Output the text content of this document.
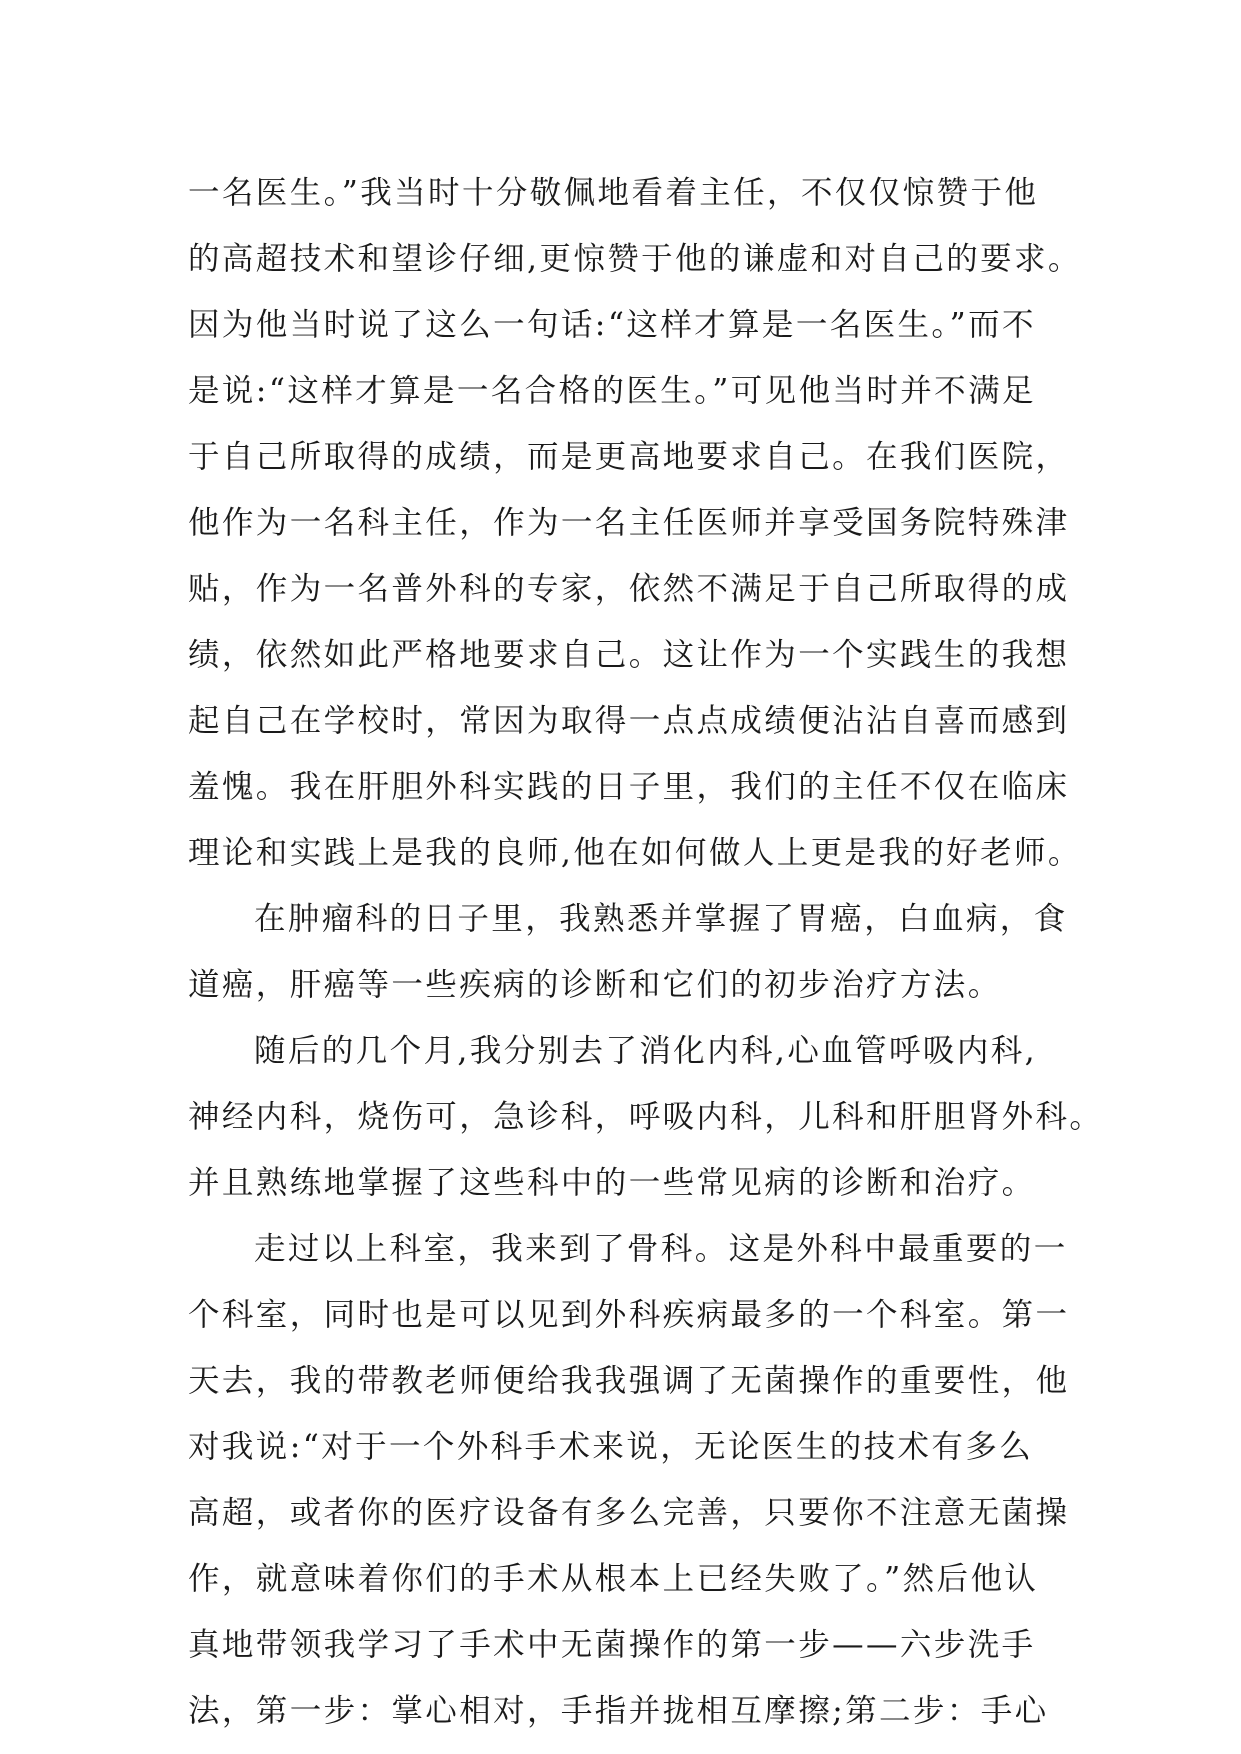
一名医生。”我当时十分敬佩地看着主任，不仅仅惊赞于他
的高超技术和望诊仔细,更惊赞于他的谦虚和对自己的要求。
因为他当时说了这么一句话:“这样才算是一名医生。”而不
是说:“这样才算是一名合格的医生。”可见他当时并不满足
于自己所取得的成绩，而是更高地要求自己。在我们医院，
他作为一名科主任，作为一名主任医师并享受国务院特殊津
贴，作为一名普外科的专家，依然不满足于自己所取得的成
绩，依然如此严格地要求自己。这让作为一个实践生的我想
起自己在学校时，常因为取得一点点成绩便沾沾自喜而感到
羞愧。我在肝胆外科实践的日子里，我们的主任不仅在临床
理论和实践上是我的良师,他在如何做人上更是我的好老师。
在肿瘤科的日子里，我熟悉并掌握了胃癌，白血病，食
道癌，肝癌等一些疾病的诊断和它们的初步治疗方法。
随后的几个月,我分别去了消化内科,心血管呼吸内科,
神经内科，烧伤可，急诊科，呼吸内科，儿科和肝胆肾外科。
并且熟练地掌握了这些科中的一些常见病的诊断和治疗。
走过以上科室，我来到了骨科。这是外科中最重要的一
个科室，同时也是可以见到外科疾病最多的一个科室。第一
天去，我的带教老师便给我我强调了无菌操作的重要性，他
对我说:“对于一个外科手术来说，无论医生的技术有多么
高超，或者你的医疗设备有多么完善，只要你不注意无菌操
作，就意味着你们的手术从根本上已经失败了。”然后他认
真地带领我学习了手术中无菌操作的第一步——六步洗手
法，第一步：掌心相对，手指并拢相互摩擦;第二步：手心
